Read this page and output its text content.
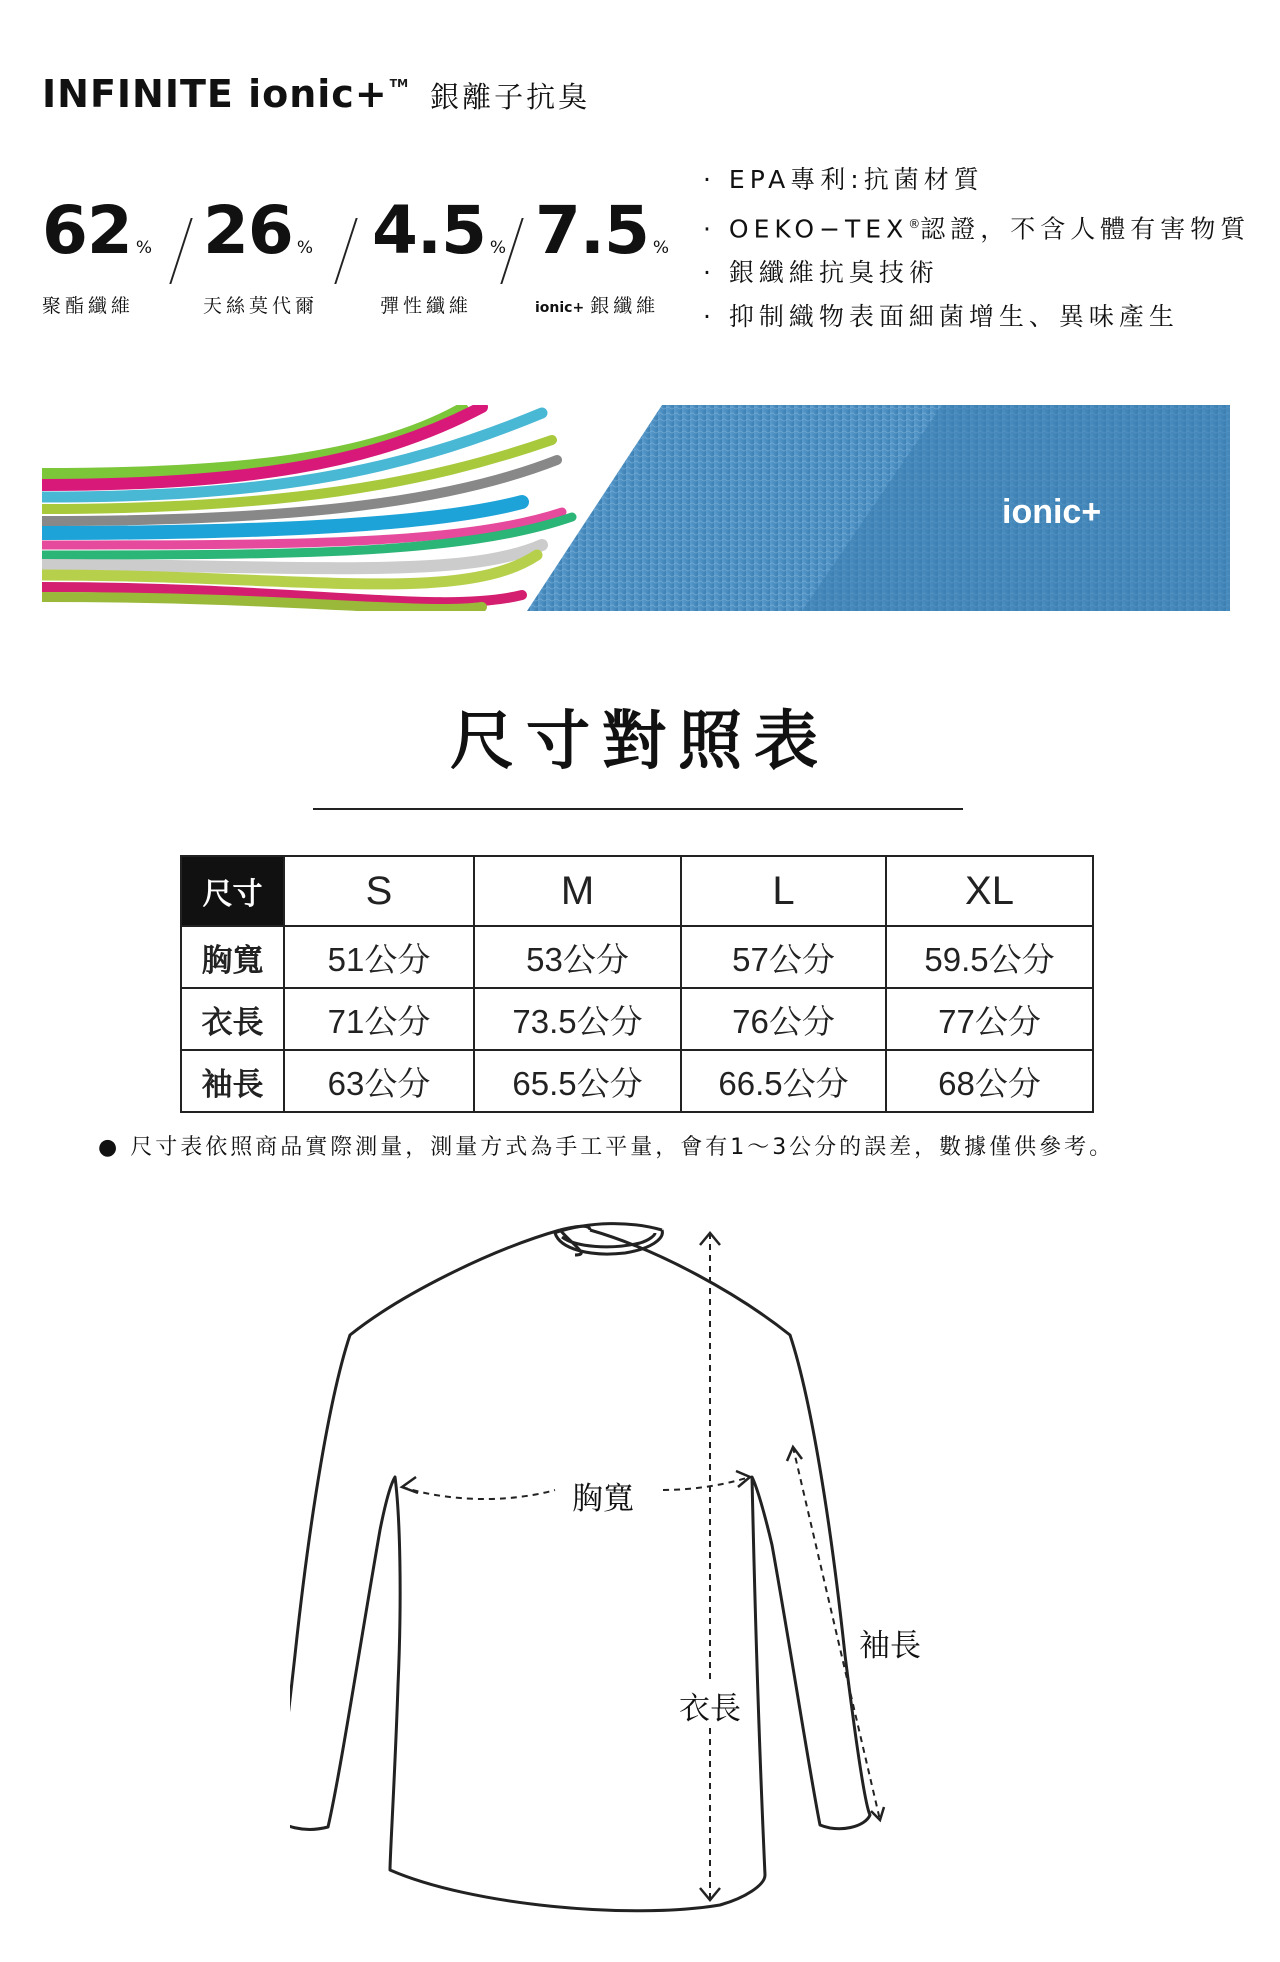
INFINITE ionic+ TM 銀離子抗臭
62 %
聚酯纖維
26 %
天絲莫代爾
4.5 %
彈性纖維
7.5 %
ionic+ 銀纖維
· EPA專利:抗菌材質
· OEKO−TEX®認證，不含人體有害物質
· 銀纖維抗臭技術
· 抑制織物表面細菌增生、異味產生
ionic+
尺寸對照表
尺寸	S	M	L	XL
胸寬	51公分	53公分	57公分	59.5公分
衣長	71公分	73.5公分	76公分	77公分
袖長	63公分	65.5公分	66.5公分	68公分
● 尺寸表依照商品實際測量，測量方式為手工平量，會有1～3公分的誤差，數據僅供參考。
胸寬
衣長
袖長
